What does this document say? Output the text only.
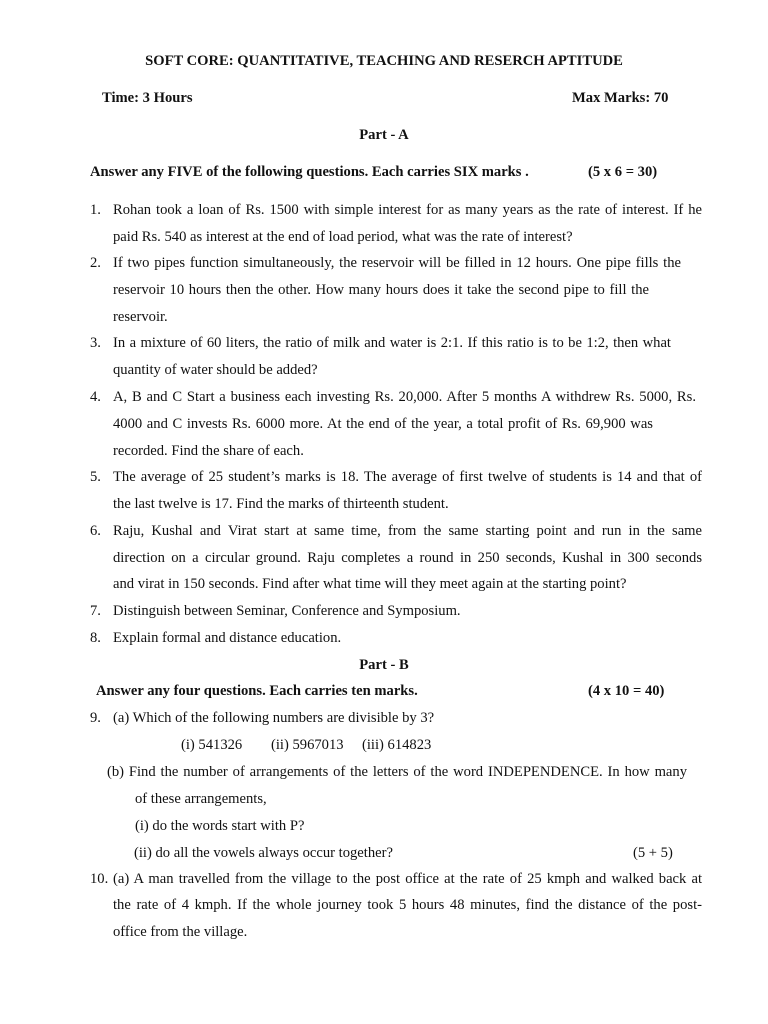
SOFT CORE: QUANTITATIVE, TEACHING AND RESERCH APTITUDE
Time: 3 Hours	Max Marks: 70
Part - A
Answer any FIVE of the following questions. Each carries SIX marks .	(5 x 6 = 30)
1. Rohan took a loan of Rs. 1500 with simple interest for as many years as the rate of interest. If he
paid Rs. 540 as interest at the end of load period, what was the rate of interest?
2. If two pipes function simultaneously, the reservoir will be filled in 12 hours. One pipe fills the
reservoir 10 hours then the other. How many hours does it take the second pipe to fill the
reservoir.
3. In a mixture of 60 liters, the ratio of milk and water is 2:1. If this ratio is to be 1:2, then what
quantity of water should be added?
4. A, B and C Start a business each investing Rs. 20,000. After 5 months A withdrew Rs. 5000, Rs.
4000 and C invests Rs. 6000 more. At the end of the year, a total profit of Rs. 69,900 was
recorded. Find the share of each.
5. The average of 25 student’s marks is 18. The average of first twelve of students is 14 and that of
the last twelve is 17. Find the marks of thirteenth student.
6. Raju, Kushal and Virat start at same time, from the same starting point and run in the same
direction on a circular ground. Raju completes a round in 250 seconds, Kushal in 300 seconds
and virat in 150 seconds. Find after what time will they meet again at the starting point?
7. Distinguish between Seminar, Conference and Symposium.
8. Explain formal and distance education.
Part - B
Answer any four questions. Each carries ten marks.	(4 x 10 = 40)
9. (a) Which of the following numbers are divisible by 3?
(i) 541326 (ii) 5967013 (iii) 614823
(b) Find the number of arrangements of the letters of the word INDEPENDENCE. In how many
of these arrangements,
(i) do the words start with P?
(ii) do all the vowels always occur together?	(5 + 5)
10. (a) A man travelled from the village to the post office at the rate of 25 kmph and walked back at
the rate of 4 kmph. If the whole journey took 5 hours 48 minutes, find the distance of the post-
office from the village.
